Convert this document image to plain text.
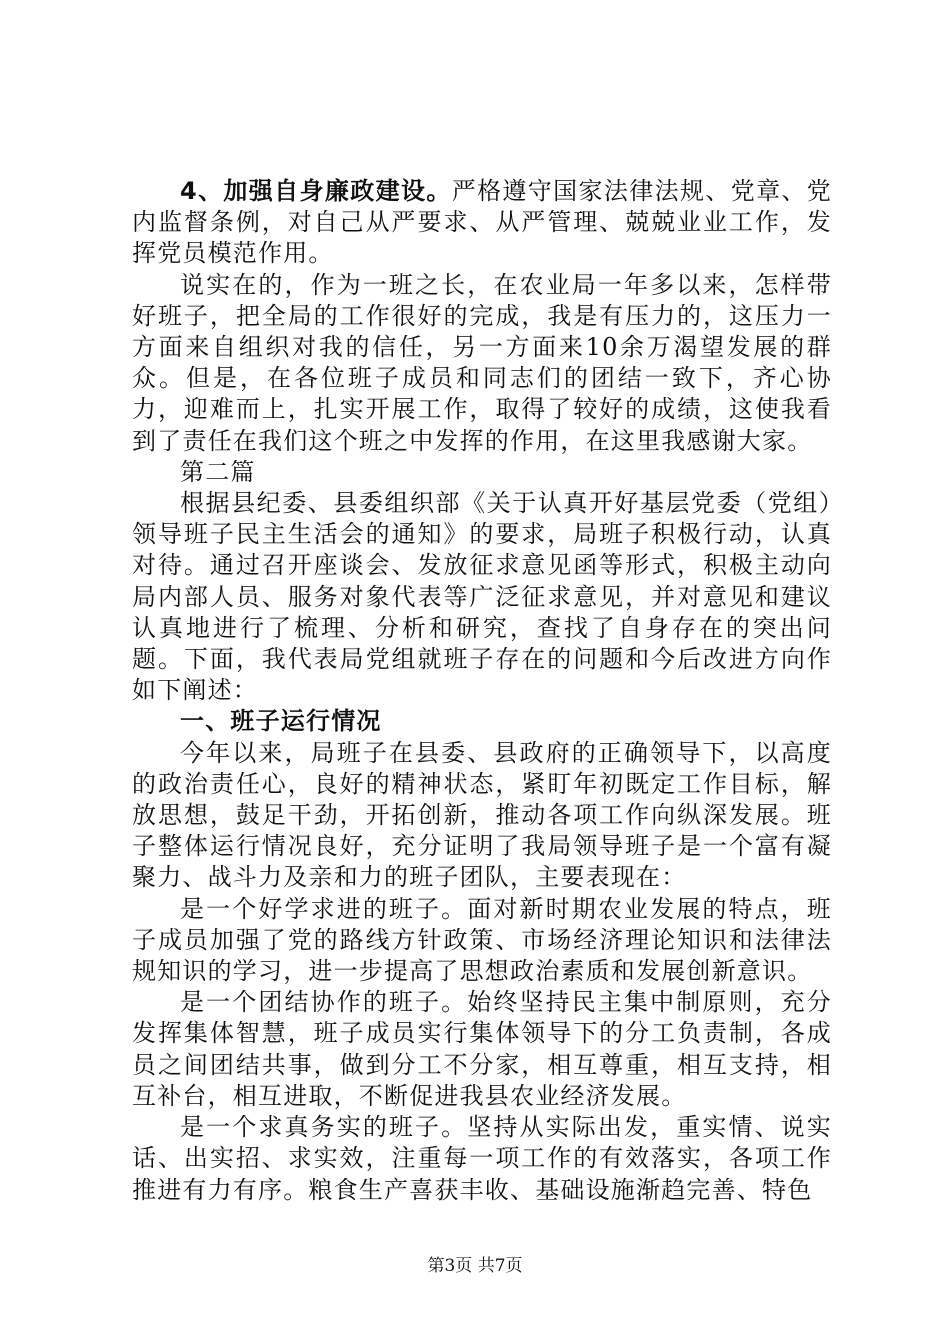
4、加强自身廉政建设。严格遵守国家法律法规、党章、党内监督条例，对自己从严要求、从严管理、兢兢业业工作，发挥党员模范作用。

说实在的，作为一班之长，在农业局一年多以来，怎样带好班子，把全局的工作很好的完成，我是有压力的，这压力一方面来自组织对我的信任，另一方面来10余万渴望发展的群众。但是，在各位班子成员和同志们的团结一致下，齐心协力，迎难而上，扎实开展工作，取得了较好的成绩，这使我看到了责任在我们这个班之中发挥的作用，在这里我感谢大家。

第二篇

根据县纪委、县委组织部《关于认真开好基层党委（党组）领导班子民主生活会的通知》的要求，局班子积极行动，认真对待。通过召开座谈会、发放征求意见函等形式，积极主动向局内部人员、服务对象代表等广泛征求意见，并对意见和建议认真地进行了梳理、分析和研究，查找了自身存在的突出问题。下面，我代表局党组就班子存在的问题和今后改进方向作如下阐述：

一、班子运行情况

今年以来，局班子在县委、县政府的正确领导下，以高度的政治责任心，良好的精神状态，紧盯年初既定工作目标，解放思想，鼓足干劲，开拓创新，推动各项工作向纵深发展。班子整体运行情况良好，充分证明了我局领导班子是一个富有凝聚力、战斗力及亲和力的班子团队，主要表现在：

是一个好学求进的班子。面对新时期农业发展的特点，班子成员加强了党的路线方针政策、市场经济理论知识和法律法规知识的学习，进一步提高了思想政治素质和发展创新意识。

是一个团结协作的班子。始终坚持民主集中制原则，充分发挥集体智慧，班子成员实行集体领导下的分工负责制，各成员之间团结共事，做到分工不分家，相互尊重，相互支持，相互补台，相互进取，不断促进我县农业经济发展。

是一个求真务实的班子。坚持从实际出发，重实情、说实话、出实招、求实效，注重每一项工作的有效落实，各项工作推进有力有序。粮食生产喜获丰收、基础设施渐趋完善、特色

第3页 共7页
